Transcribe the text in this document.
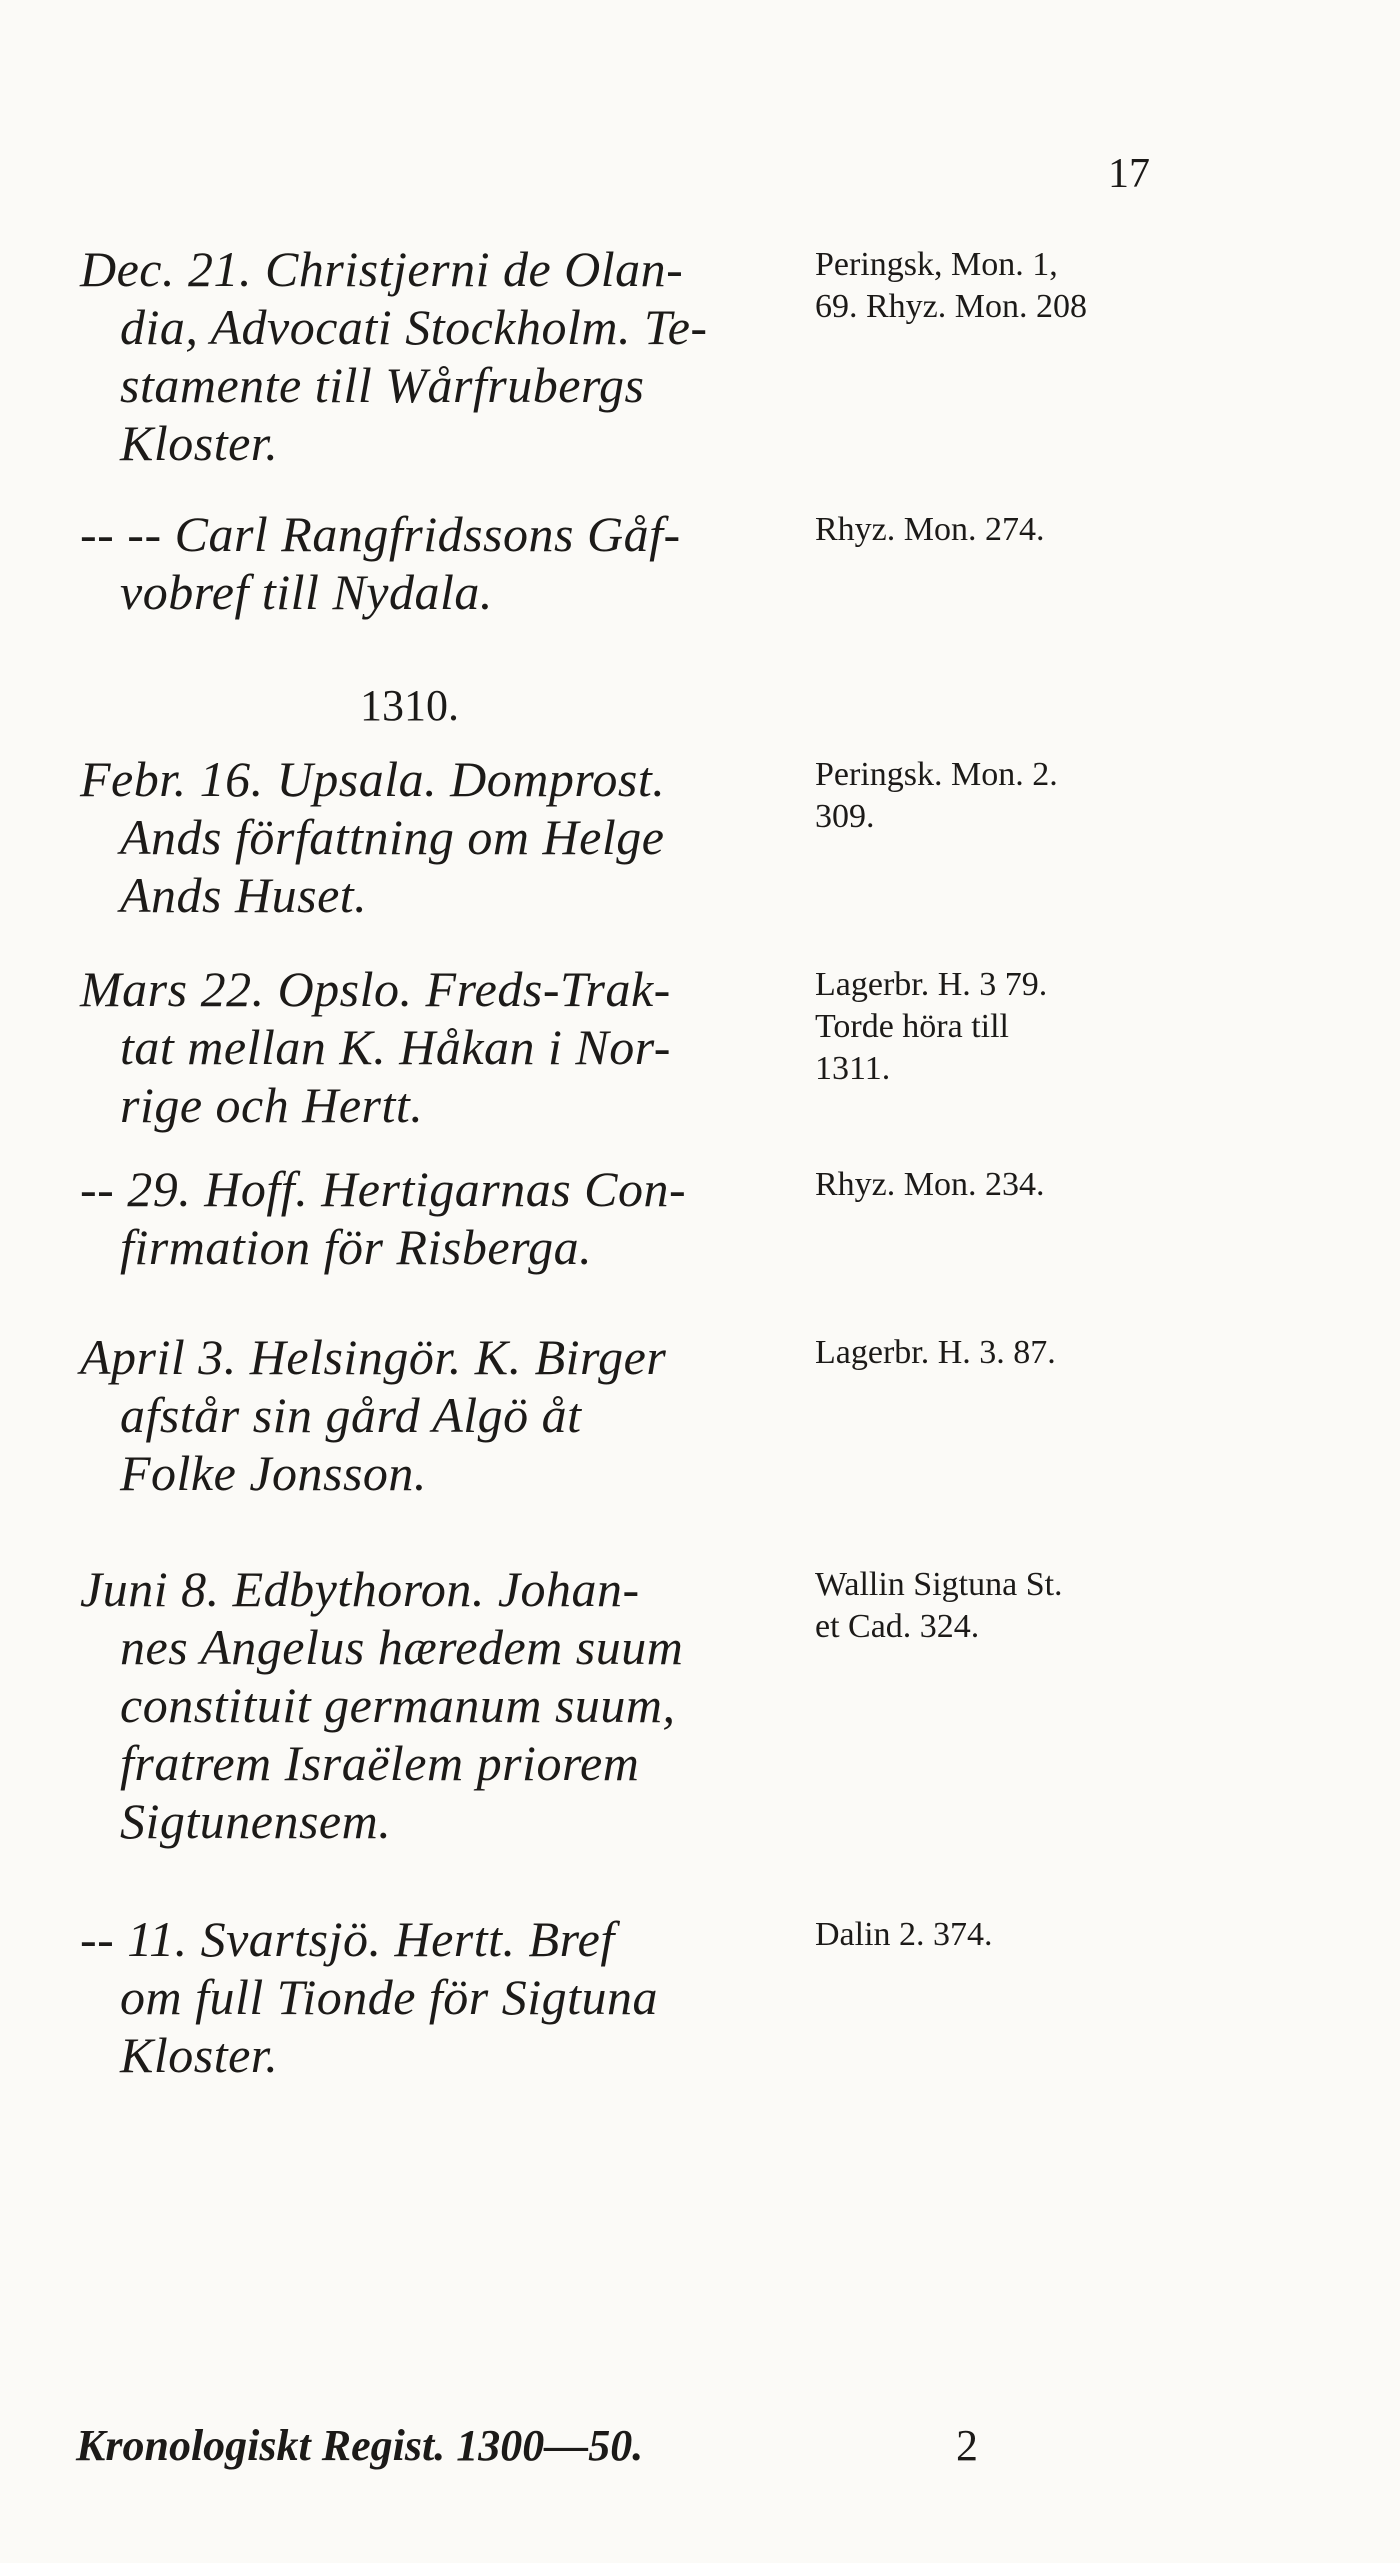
17
Dec. 21. Christjerni de Olan-
dia, Advocati Stockholm. Te-
stamente till Wårfrubergs
Kloster.
Peringsk, Mon. 1,
69. Rhyz. Mon. 208
-- -- Carl Rangfridssons Gåf-
vobref till Nydala.
Rhyz. Mon. 274.
1310.
Febr. 16. Upsala. Domprost.
Ands författning om Helge
Ands Huset.
Peringsk. Mon. 2.
309.
Mars 22. Opslo. Freds-Trak-
tat mellan K. Håkan i Nor-
rige och Hertt.
Lagerbr. H. 3 79.
Torde höra till
1311.
-- 29. Hoff. Hertigarnas Con-
firmation för Risberga.
Rhyz. Mon. 234.
April 3. Helsingör. K. Birger
afstår sin gård Algö åt
Folke Jonsson.
Lagerbr. H. 3. 87.
Juni 8. Edbythoron. Johan-
nes Angelus hæredem suum
constituit germanum suum,
fratrem Israëlem priorem
Sigtunensem.
Wallin Sigtuna St.
et Cad. 324.
-- 11. Svartsjö. Hertt. Bref
om full Tionde för Sigtuna
Kloster.
Dalin 2. 374.
Kronologiskt Regist. 1300—50.	2
